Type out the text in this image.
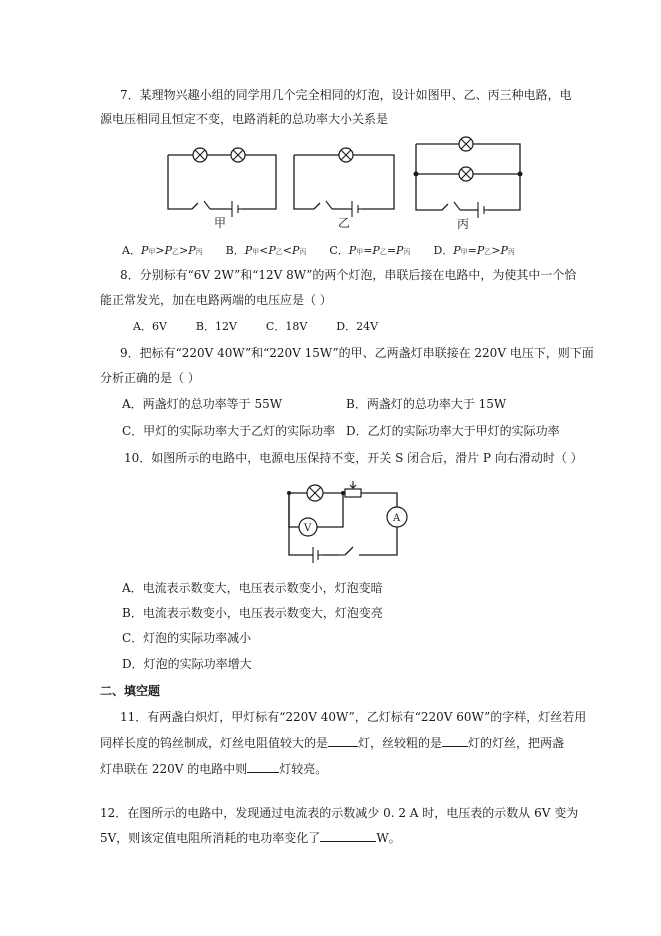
7．某理物兴趣小组的同学用几个完全相同的灯泡，设计如图甲、乙、丙三种电路，电
源电压相同且恒定不变，电路消耗的总功率大小关系是
甲	乙	丙
A．P甲>P乙>P丙 B．P甲<P乙<P丙 C．P甲=P乙=P丙 D．P甲=P乙>P丙
8．分别标有“6V 2W”和“12V 8W”的两个灯泡，串联后接在电路中，为使其中一个恰
能正常发光，加在电路两端的电压应是（ ）
A．6V	B．12V	C．18V	D．24V
9．把标有“220V 40W”和“220V 15W”的甲、乙两盏灯串联接在 220V 电压下，则下面
分析正确的是（ ）
A．两盏灯的总功率等于 55W	B．两盏灯的总功率大于 15W
C．甲灯的实际功率大于乙灯的实际功率 D．乙灯的实际功率大于甲灯的实际功率
10．如图所示的电路中，电源电压保持不变，开关 S 闭合后，滑片 P 向右滑动时（ ）
V
A
A．电流表示数变大，电压表示数变小，灯泡变暗
B．电流表示数变小，电压表示数变大，灯泡变亮
C．灯泡的实际功率减小
D．灯泡的实际功率增大
二、填空题
11．有两盏白炽灯，甲灯标有“220V 40W”，乙灯标有“220V 60W”的字样，灯丝若用
同样长度的钨丝制成，灯丝电阻值较大的是	灯，丝较粗的是 灯的灯丝，把两盏
灯串联在 220V 的电路中则	灯较亮。
12．在图所示的电路中，发现通过电流表的示数减少 0. 2 A 时，电压表的示数从 6V 变为
5V，则该定值电阻所消耗的电功率变化了	W。
